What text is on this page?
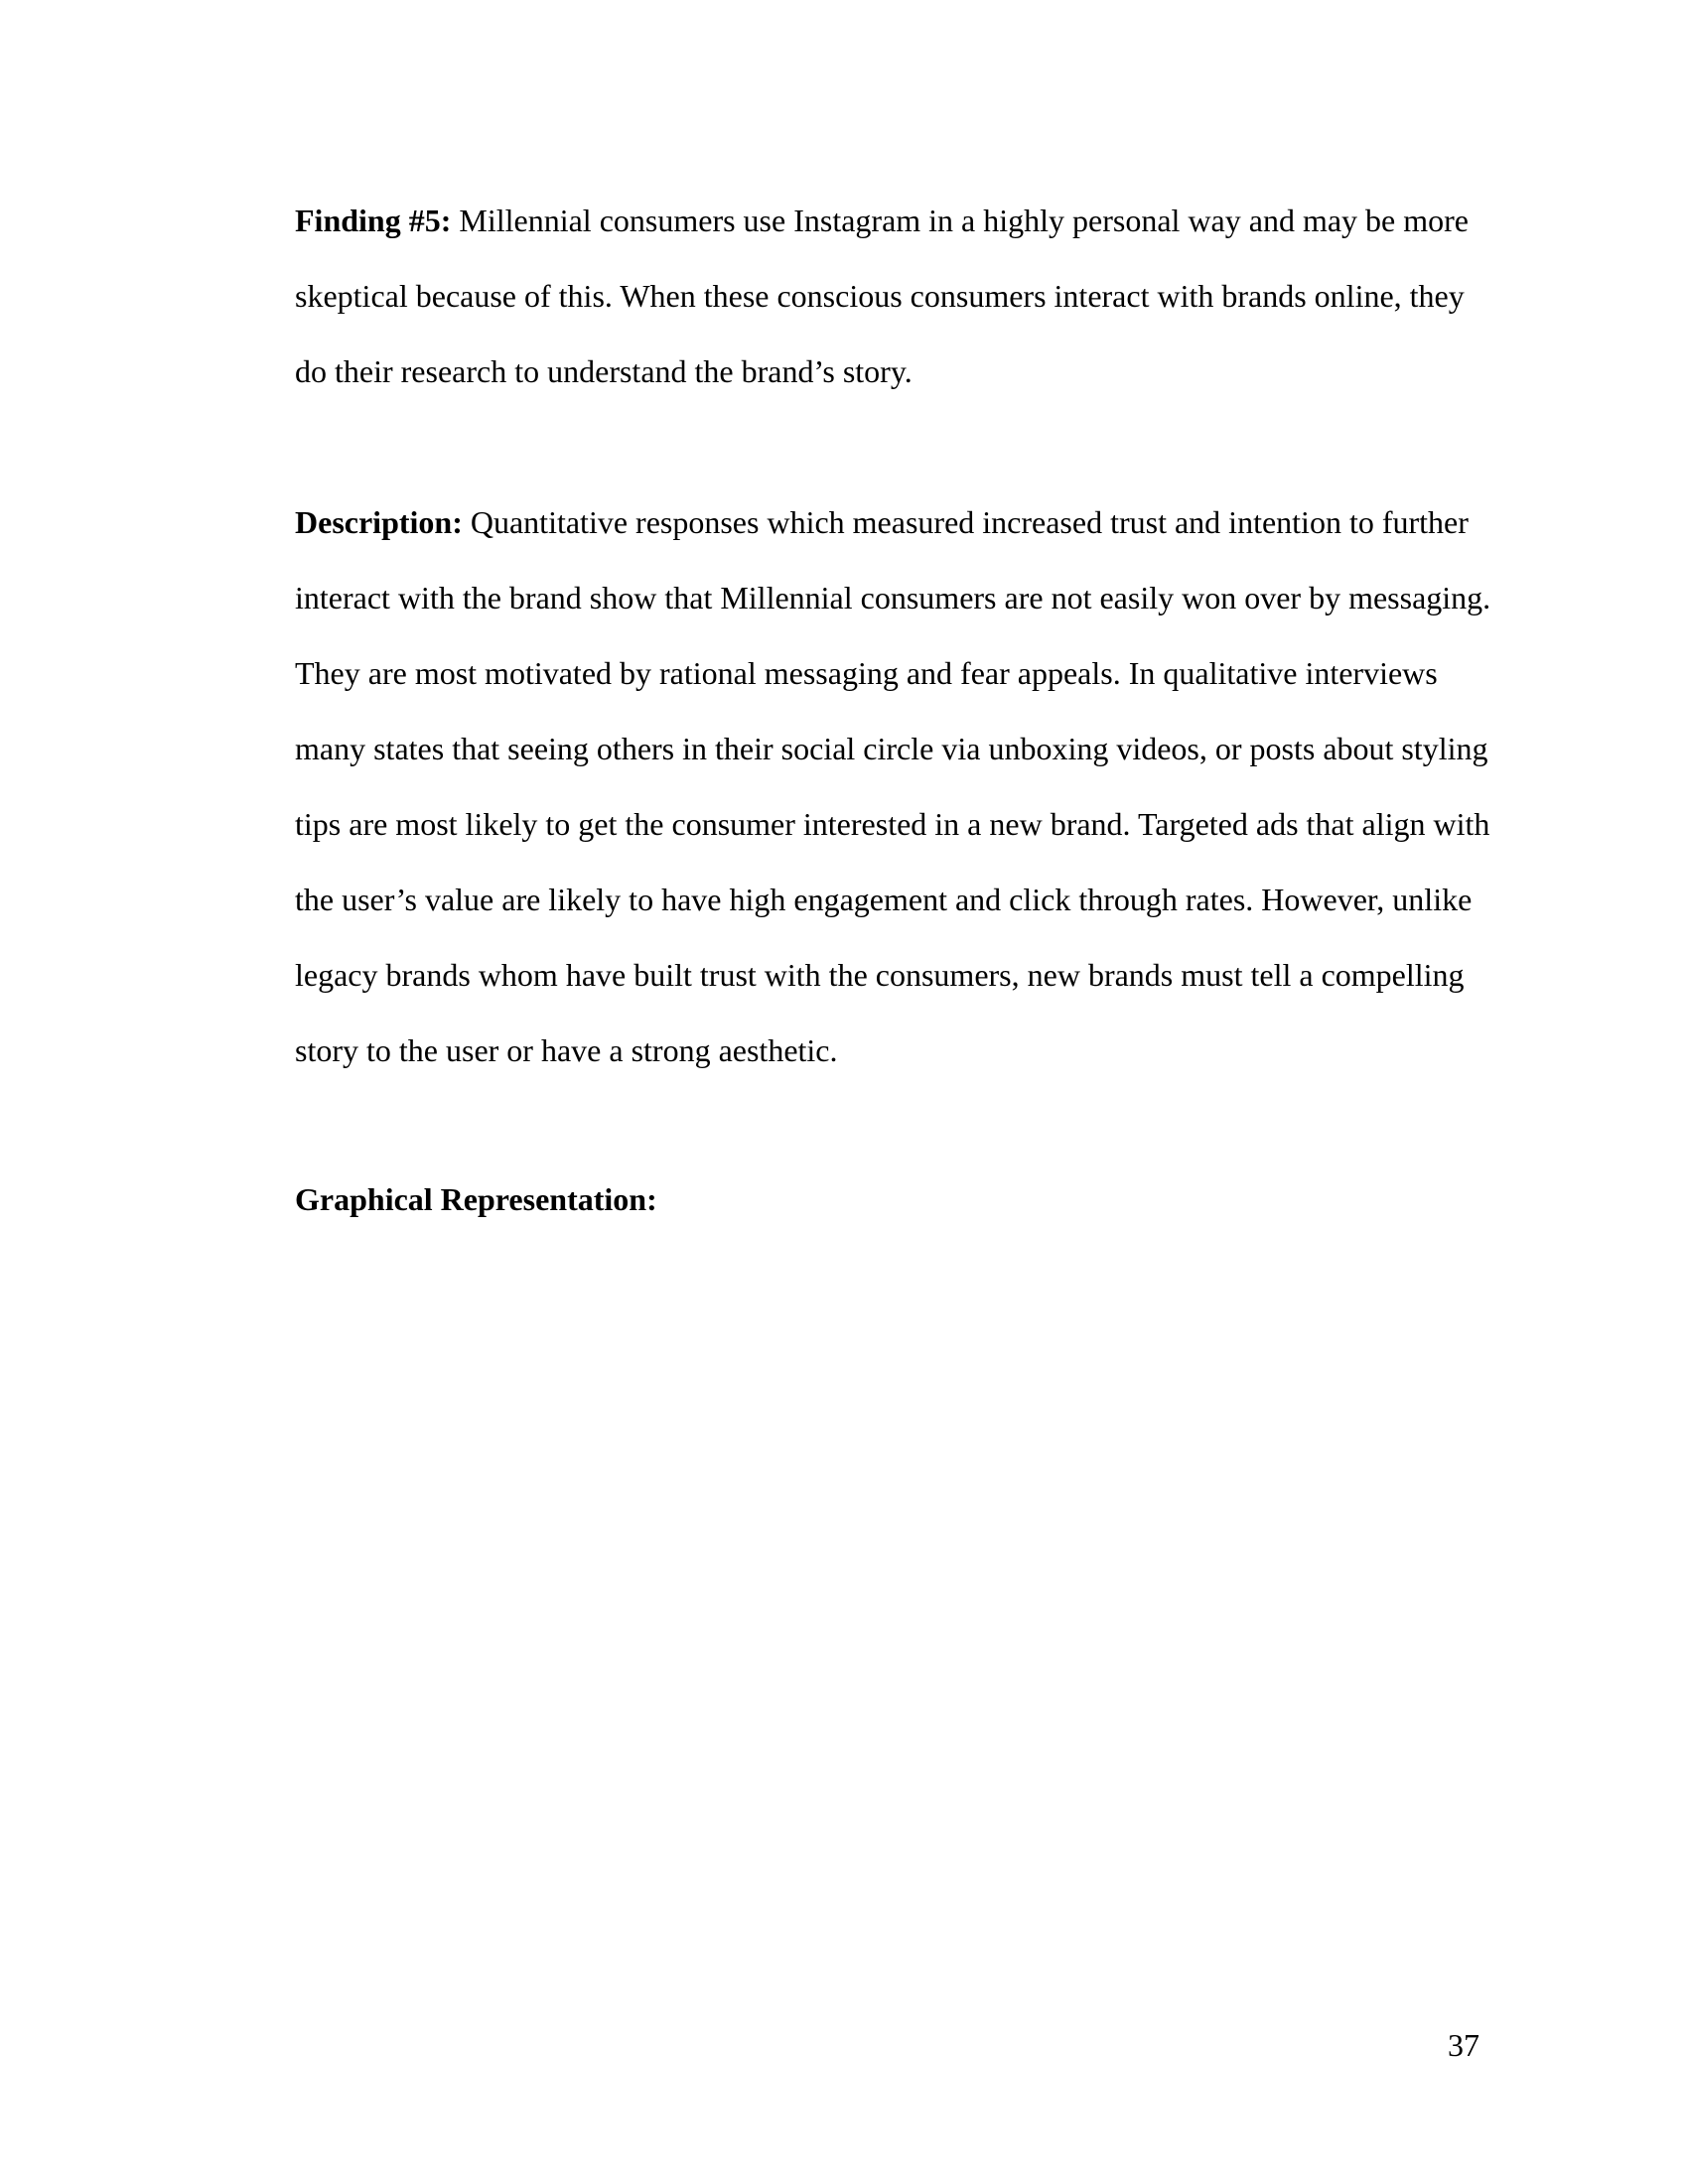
Finding #5: Millennial consumers use Instagram in a highly personal way and may be more skeptical because of this. When these conscious consumers interact with brands online, they do their research to understand the brand’s story.

Description: Quantitative responses which measured increased trust and intention to further interact with the brand show that Millennial consumers are not easily won over by messaging. They are most motivated by rational messaging and fear appeals. In qualitative interviews many states that seeing others in their social circle via unboxing videos, or posts about styling tips are most likely to get the consumer interested in a new brand. Targeted ads that align with the user’s value are likely to have high engagement and click through rates. However, unlike legacy brands whom have built trust with the consumers, new brands must tell a compelling story to the user or have a strong aesthetic.

Graphical Representation:

37
